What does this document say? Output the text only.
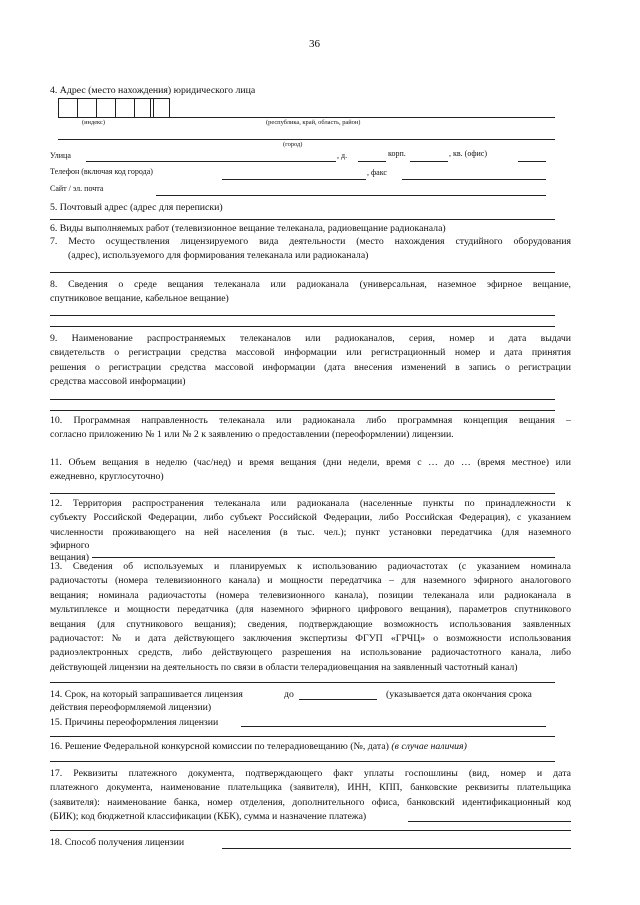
36
4. Адрес (место нахождения) юридического лица
(индекс)	(республика, край, область, район)
(город)
Улица	, д.	корп.	, кв. (офис)
Телефон (включая код города)	, факс
Сайт / эл. почта
5. Почтовый адрес (адрес для переписки)
6. Виды выполняемых работ (телевизионное вещание телеканала, радиовещание радиоканала)
7. Место осуществления лицензируемого вида деятельности (место нахождения студийного оборудования
(адрес), используемого для формирования телеканала или радиоканала)
8. Сведения о среде вещания телеканала или радиоканала (универсальная, наземное эфирное вещание,
спутниковое вещание, кабельное вещание)
9. Наименование распространяемых телеканалов или радиоканалов, серия, номер и дата выдачи
свидетельств о регистрации средства массовой информации или регистрационный номер и дата принятия
решения о регистрации средства массовой информации (дата внесения изменений в запись о регистрации
средства массовой информации)
10. Программная направленность телеканала или радиоканала либо программная концепция вещания –
согласно приложению № 1 или № 2 к заявлению о предоставлении (переоформлении) лицензии.
11. Объем вещания в неделю (час/нед) и время вещания (дни недели, время с … до … (время местное) или
ежедневно, круглосуточно)
12. Территория распространения телеканала или радиоканала (населенные пункты по принадлежности к
субъекту Российской Федерации, либо субъект Российской Федерации, либо Российская Федерация), с указанием
численности проживающего на ней населения (в тыс. чел.); пункт установки передатчика (для наземного
эфирного
вещания)
13. Сведения об используемых и планируемых к использованию радиочастотах (с указанием номинала
радиочастоты (номера телевизионного канала) и мощности передатчика – для наземного эфирного аналогового
вещания; номинала радиочастоты (номера телевизионного канала), позиции телеканала или радиоканала в
мультиплексе и мощности передатчика (для наземного эфирного цифрового вещания), параметров спутникового
вещания (для спутникового вещания); сведения, подтверждающие возможность использования заявленных
радиочастот: № и дата действующего заключения экспертизы ФГУП «ГРЧЦ» о возможности использования
радиоэлектронных средств, либо действующего разрешения на использование радиочастотного канала, либо
действующей лицензии на деятельность по связи в области телерадиовещания на заявленный частотный канал)
14. Срок, на который запрашивается лицензия	до	(указывается дата окончания срока
действия переоформляемой лицензии)
15. Причины переоформления лицензии
16. Решение Федеральной конкурсной комиссии по телерадиовещанию (№, дата) (в случае наличия)
17. Реквизиты платежного документа, подтверждающего факт уплаты госпошлины (вид, номер и дата
платежного документа, наименование плательщика (заявителя), ИНН, КПП, банковские реквизиты плательщика
(заявителя): наименование банка, номер отделения, дополнительного офиса, банковский идентификационный код
(БИК); код бюджетной классификации (КБК), сумма и назначение платежа)
18. Способ получения лицензии
